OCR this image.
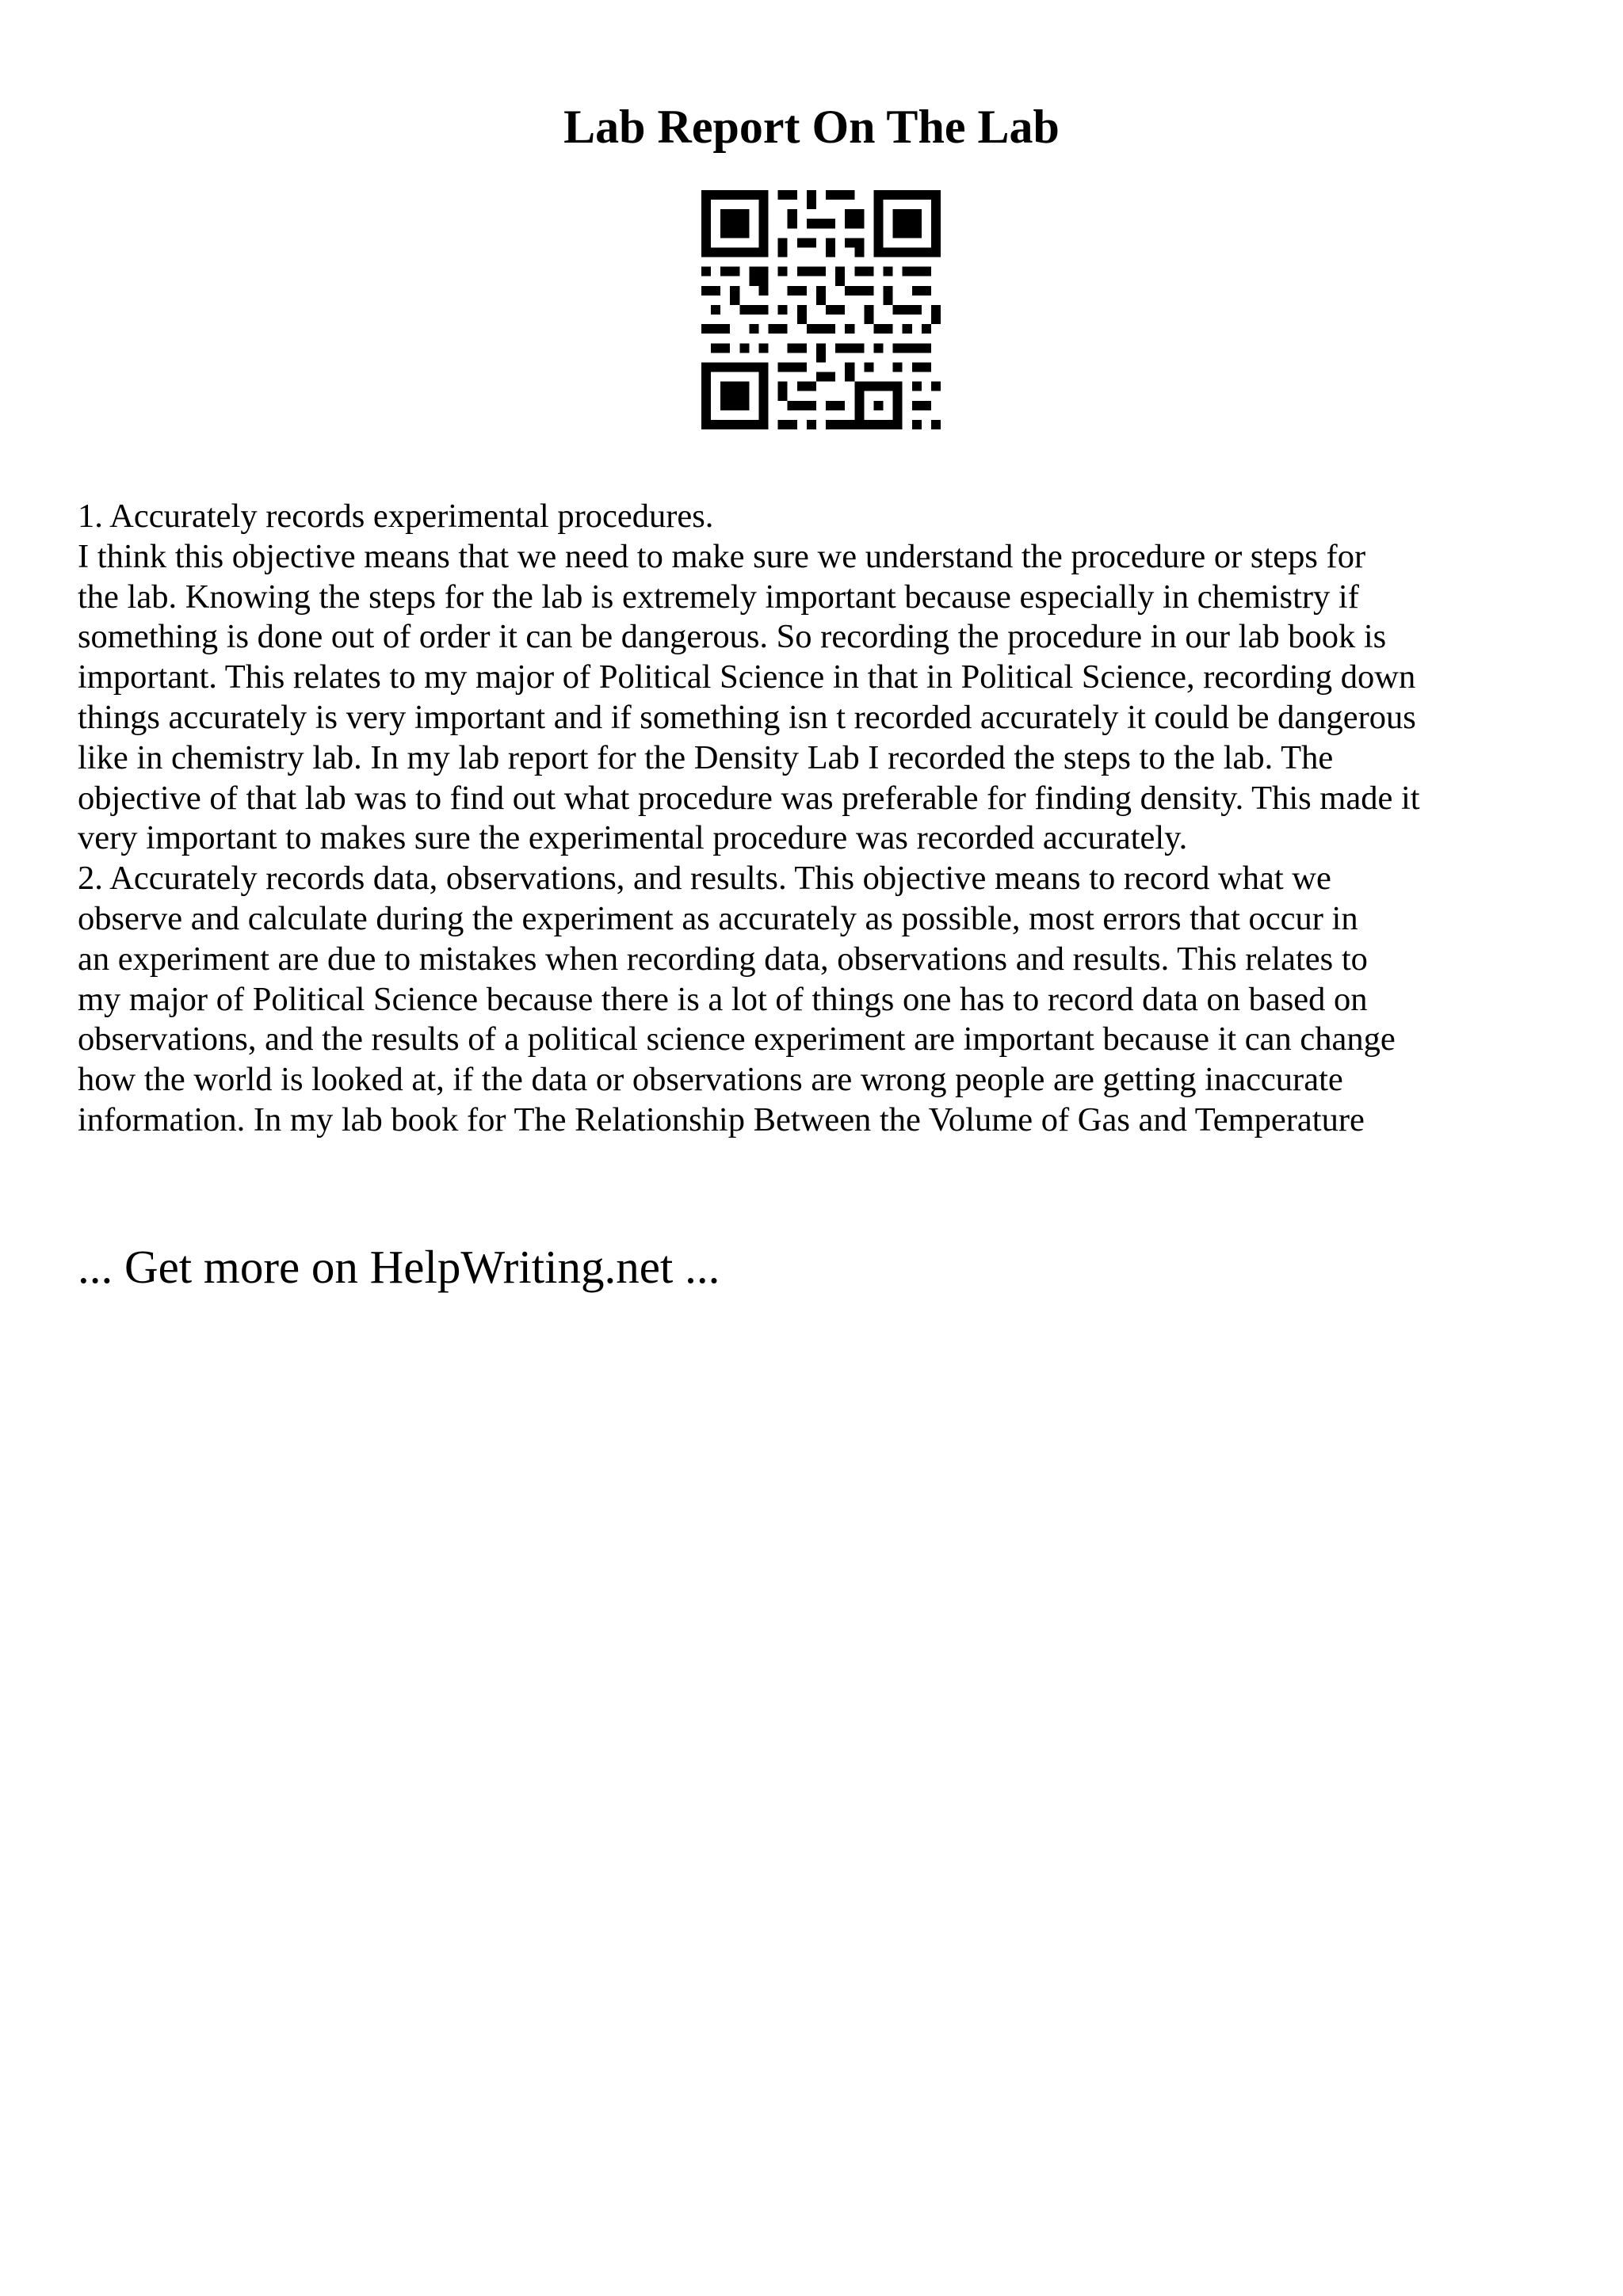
Lab Report On The Lab
1. Accurately records experimental procedures.
I think this objective means that we need to make sure we understand the procedure or steps for
the lab. Knowing the steps for the lab is extremely important because especially in chemistry if
something is done out of order it can be dangerous. So recording the procedure in our lab book is
important. This relates to my major of Political Science in that in Political Science, recording down
things accurately is very important and if something isn t recorded accurately it could be dangerous
like in chemistry lab. In my lab report for the Density Lab I recorded the steps to the lab. The
objective of that lab was to find out what procedure was preferable for finding density. This made it
very important to makes sure the experimental procedure was recorded accurately.
2. Accurately records data, observations, and results. This objective means to record what we
observe and calculate during the experiment as accurately as possible, most errors that occur in
an experiment are due to mistakes when recording data, observations and results. This relates to
my major of Political Science because there is a lot of things one has to record data on based on
observations, and the results of a political science experiment are important because it can change
how the world is looked at, if the data or observations are wrong people are getting inaccurate
information. In my lab book for The Relationship Between the Volume of Gas and Temperature

... Get more on HelpWriting.net ...
